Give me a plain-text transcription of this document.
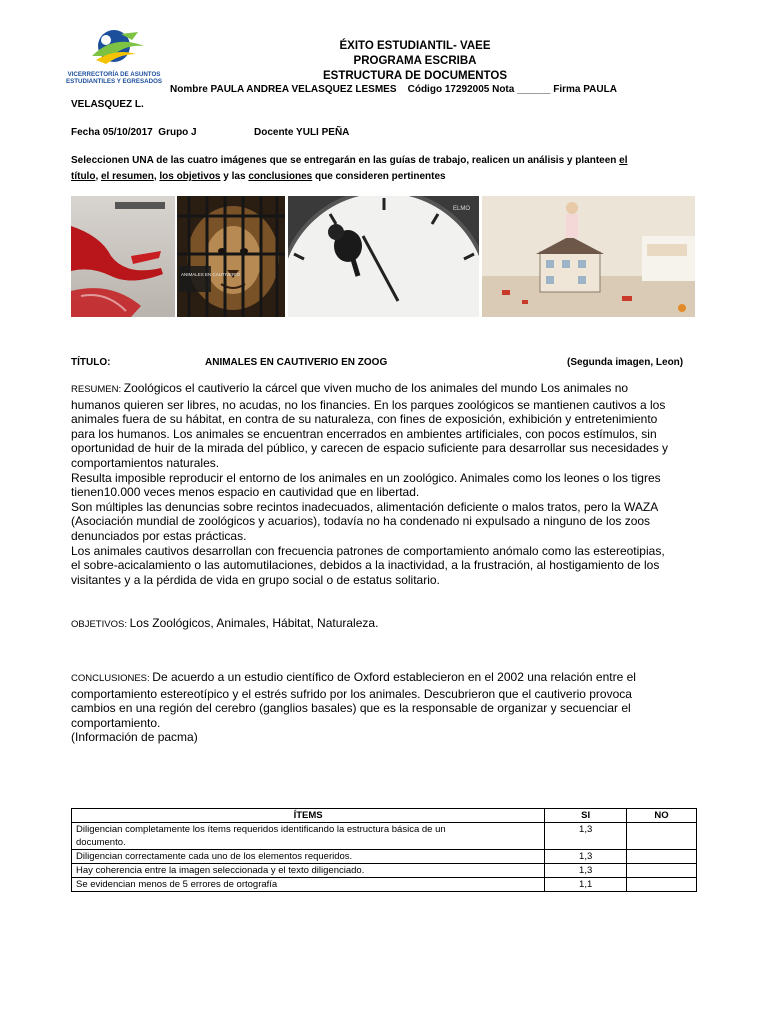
VICERRECTORÍA DE ASUNTOS
ESTUDIANTILES Y EGRESADOS
ÉXITO ESTUDIANTIL- VAEE
PROGRAMA ESCRIBA
ESTRUCTURA DE DOCUMENTOS
Nombre PAULA ANDREA VELASQUEZ LESMES    Código 17292005 Nota ______ Firma PAULA
VELASQUEZ L.
Fecha 05/10/2017  Grupo J	Docente YULI PEÑA
Seleccionen UNA de las cuatro imágenes que se entregarán en las guías de trabajo, realicen un análisis y planteen el
título, el resumen, los objetivos y las conclusiones que consideren pertinentes
ANIMALES EN CAUTIVERIO
ELMO
TÍTULO:	ANIMALES EN CAUTIVERIO EN ZOOG	(Segunda imagen, Leon)
RESUMEN: Zoológicos el cautiverio la cárcel que viven mucho de los animales del mundo Los animales no
humanos quieren ser libres, no acudas, no los financies. En los parques zoológicos se mantienen cautivos a los
animales fuera de su hábitat, en contra de su naturaleza, con fines de exposición, exhibición y entretenimiento
para los humanos. Los animales se encuentran encerrados en ambientes artificiales, con pocos estímulos, sin
oportunidad de huir de la mirada del público, y carecen de espacio suficiente para desarrollar sus necesidades y
comportamientos naturales.
Resulta imposible reproducir el entorno de los animales en un zoológico. Animales como los leones o los tigres
tienen10.000 veces menos espacio en cautividad que en libertad.
Son múltiples las denuncias sobre recintos inadecuados, alimentación deficiente o malos tratos, pero la WAZA
(Asociación mundial de zoológicos y acuarios), todavía no ha condenado ni expulsado a ninguno de los zoos
denunciados por estas prácticas.
Los animales cautivos desarrollan con frecuencia patrones de comportamiento anómalo como las estereotipias,
el sobre-acicalamiento o las automutilaciones, debidos a la inactividad, a la frustración, al hostigamiento de los
visitantes y a la pérdida de vida en grupo social o de estatus solitario.
OBJETIVOS: Los Zoológicos, Animales, Hábitat, Naturaleza.
CONCLUSIONES: De acuerdo a un estudio científico de Oxford establecieron en el 2002 una relación entre el
comportamiento estereotípico y el estrés sufrido por los animales. Descubrieron que el cautiverio provoca
cambios en una región del cerebro (ganglios basales) que es la responsable de organizar y secuenciar el
comportamiento.
(Información de pacma)
ÍTEMS	SI	NO
Diligencian completamente los ítems requeridos identificando la estructura básica de un
documento.	1,3	
Diligencian correctamente cada uno de los elementos requeridos.	1,3	
Hay coherencia entre la imagen seleccionada y el texto diligenciado.	1,3	
Se evidencian menos de 5 errores de ortografía	1,1	
